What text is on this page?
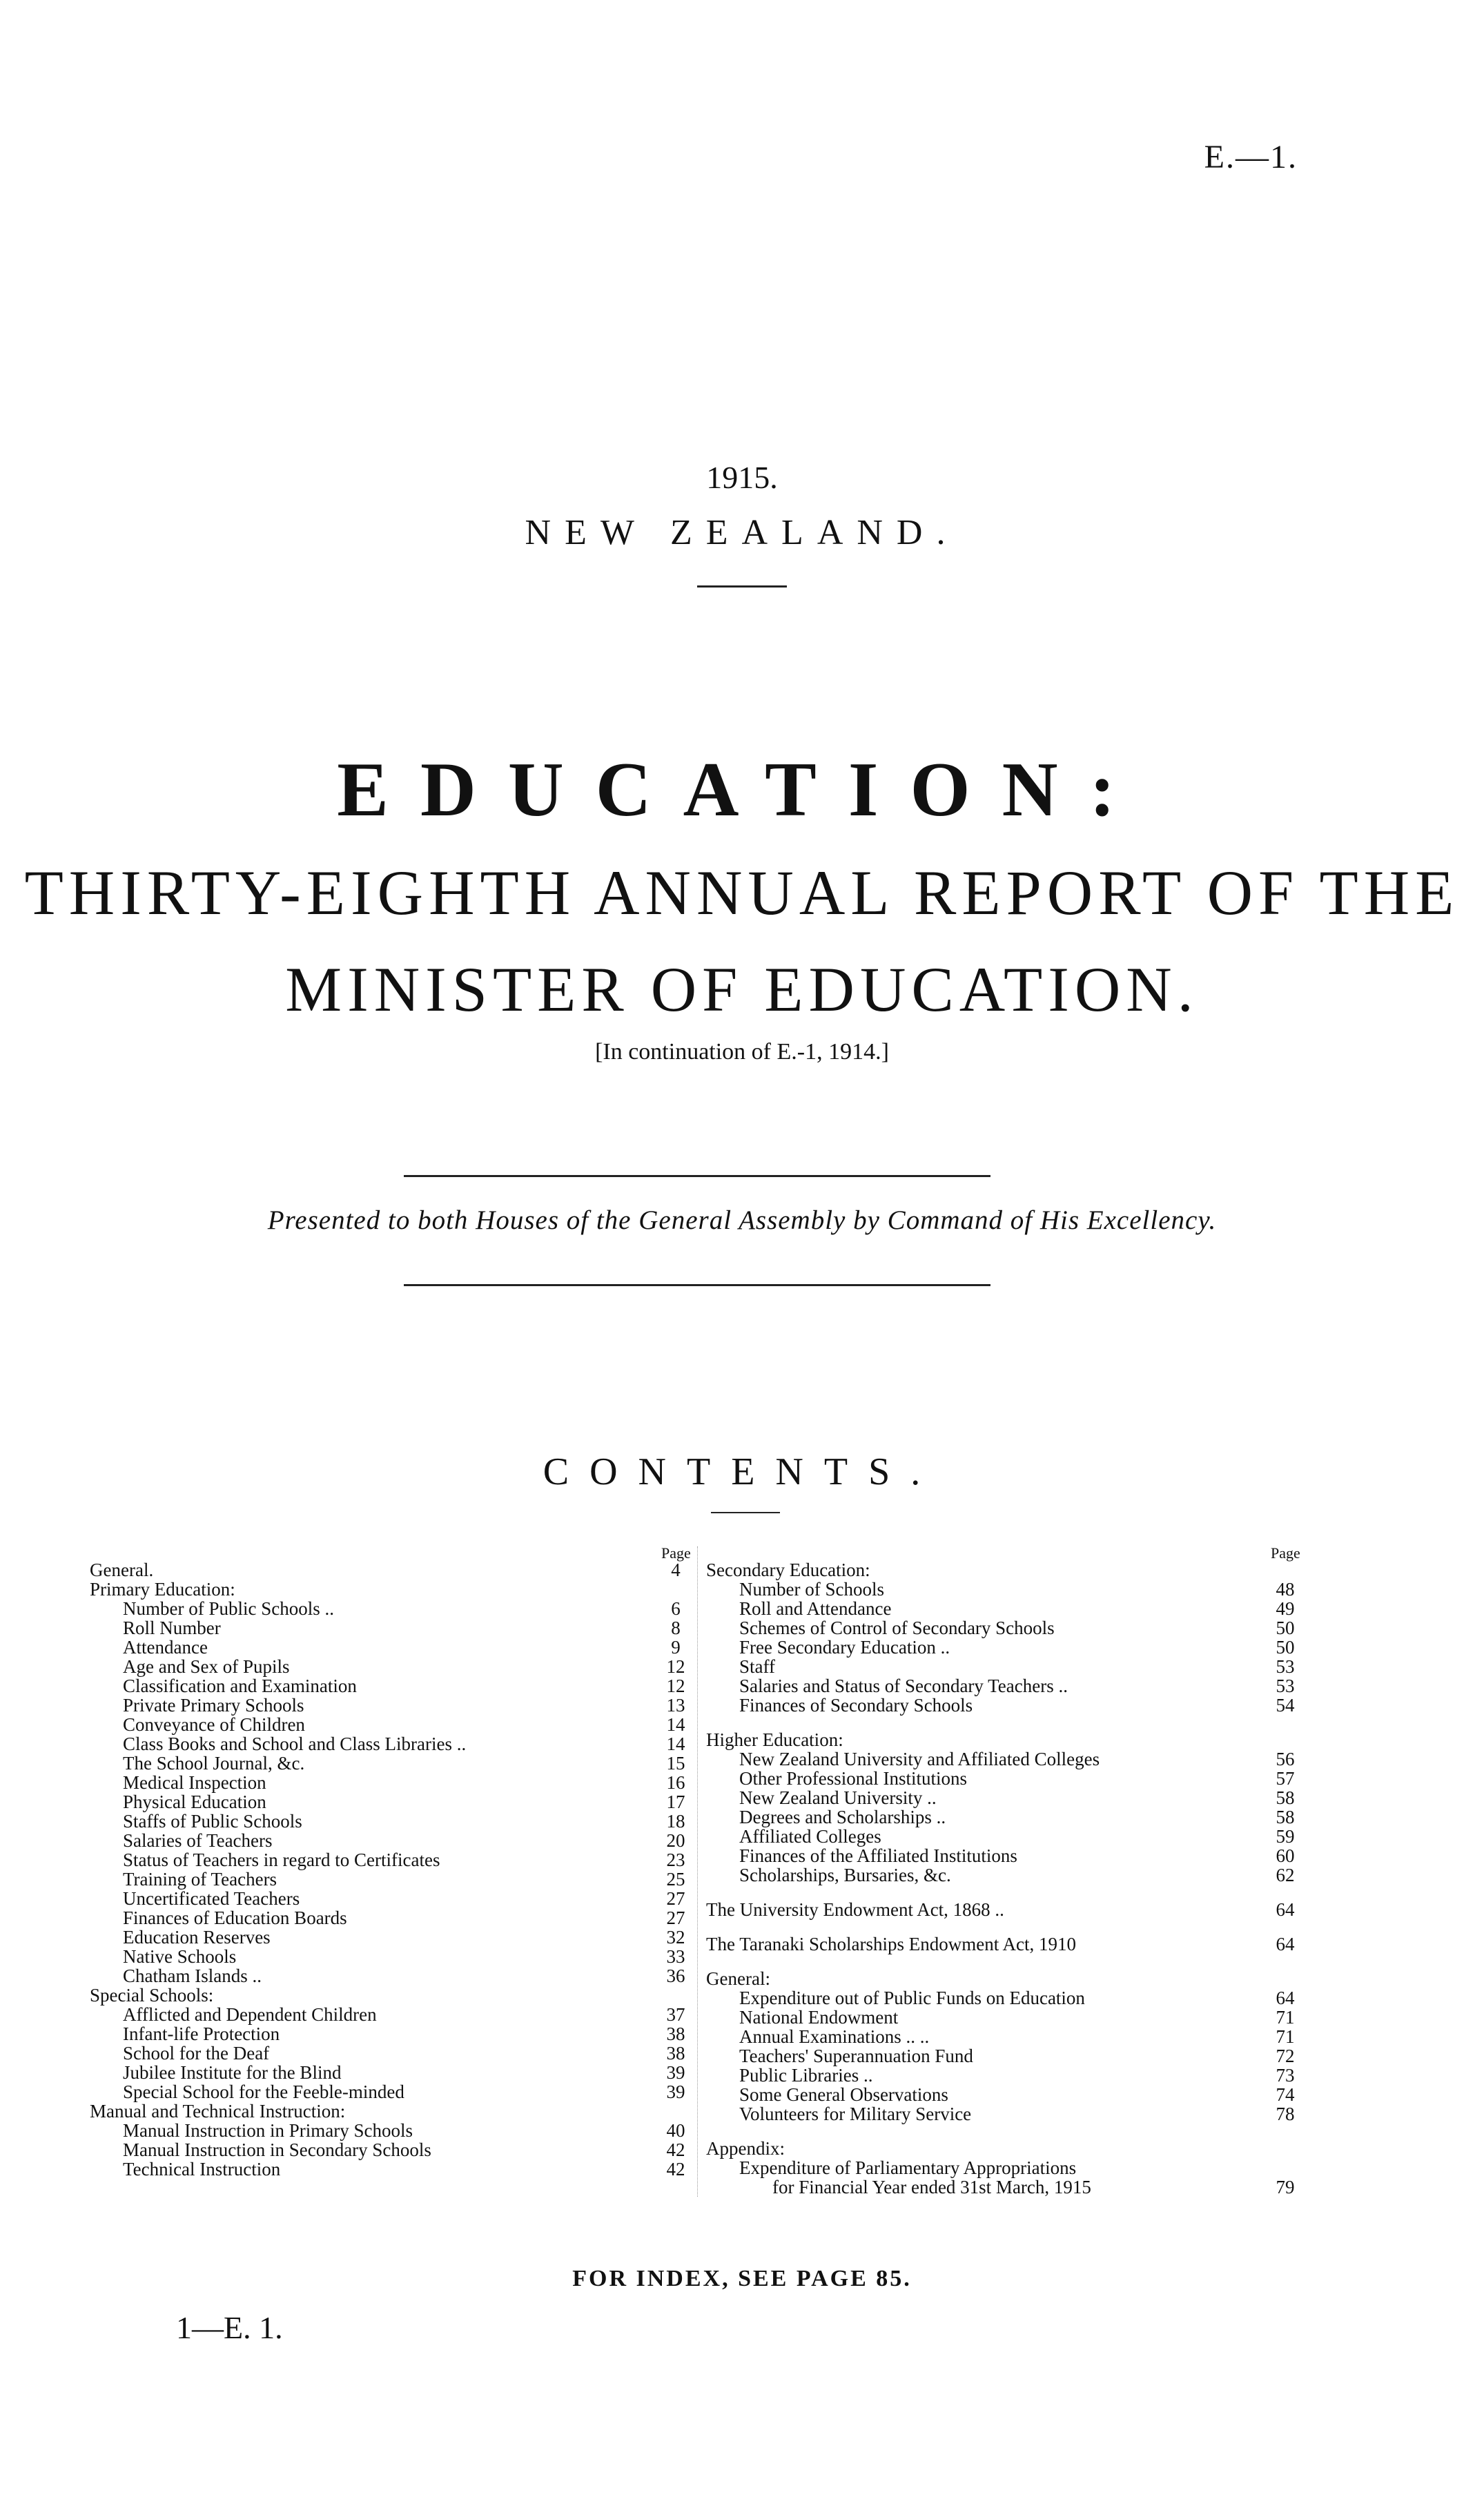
E.—1.
1915.
NEW ZEALAND.
EDUCATION:
THIRTY-EIGHTH ANNUAL REPORT OF THE
MINISTER OF EDUCATION.
[In continuation of E.-1, 1914.]
Presented to both Houses of the General Assembly by Command of His Excellency.
CONTENTS.
Page
General.	4
Primary Education:
Number of Public Schools ..	6
Roll Number	8
Attendance	9
Age and Sex of Pupils	12
Classification and Examination	12
Private Primary Schools	13
Conveyance of Children	14
Class Books and School and Class Libraries ..	14
The School Journal, &c.	15
Medical Inspection	16
Physical Education	17
Staffs of Public Schools	18
Salaries of Teachers	20
Status of Teachers in regard to Certificates	23
Training of Teachers	25
Uncertificated Teachers	27
Finances of Education Boards	27
Education Reserves	32
Native Schools	33
Chatham Islands ..	36
Special Schools:
Afflicted and Dependent Children	37
Infant-life Protection	38
School for the Deaf	38
Jubilee Institute for the Blind	39
Special School for the Feeble-minded	39
Manual and Technical Instruction:
Manual Instruction in Primary Schools	40
Manual Instruction in Secondary Schools	42
Technical Instruction	42
Page
Secondary Education:
Number of Schools	48
Roll and Attendance	49
Schemes of Control of Secondary Schools	50
Free Secondary Education ..	50
Staff	53
Salaries and Status of Secondary Teachers ..	53
Finances of Secondary Schools	54
Higher Education:
New Zealand University and Affiliated Colleges	56
Other Professional Institutions	57
New Zealand University ..	58
Degrees and Scholarships ..	58
Affiliated Colleges	59
Finances of the Affiliated Institutions	60
Scholarships, Bursaries, &c.	62
The University Endowment Act, 1868 ..	64
The Taranaki Scholarships Endowment Act, 1910	64
General:
Expenditure out of Public Funds on Education	64
National Endowment	71
Annual Examinations .. ..	71
Teachers' Superannuation Fund	72
Public Libraries ..	73
Some General Observations	74
Volunteers for Military Service	78
Appendix:
Expenditure of Parliamentary Appropriations
for Financial Year ended 31st March, 1915	79
FOR INDEX, SEE PAGE 85.
1—E. 1.
